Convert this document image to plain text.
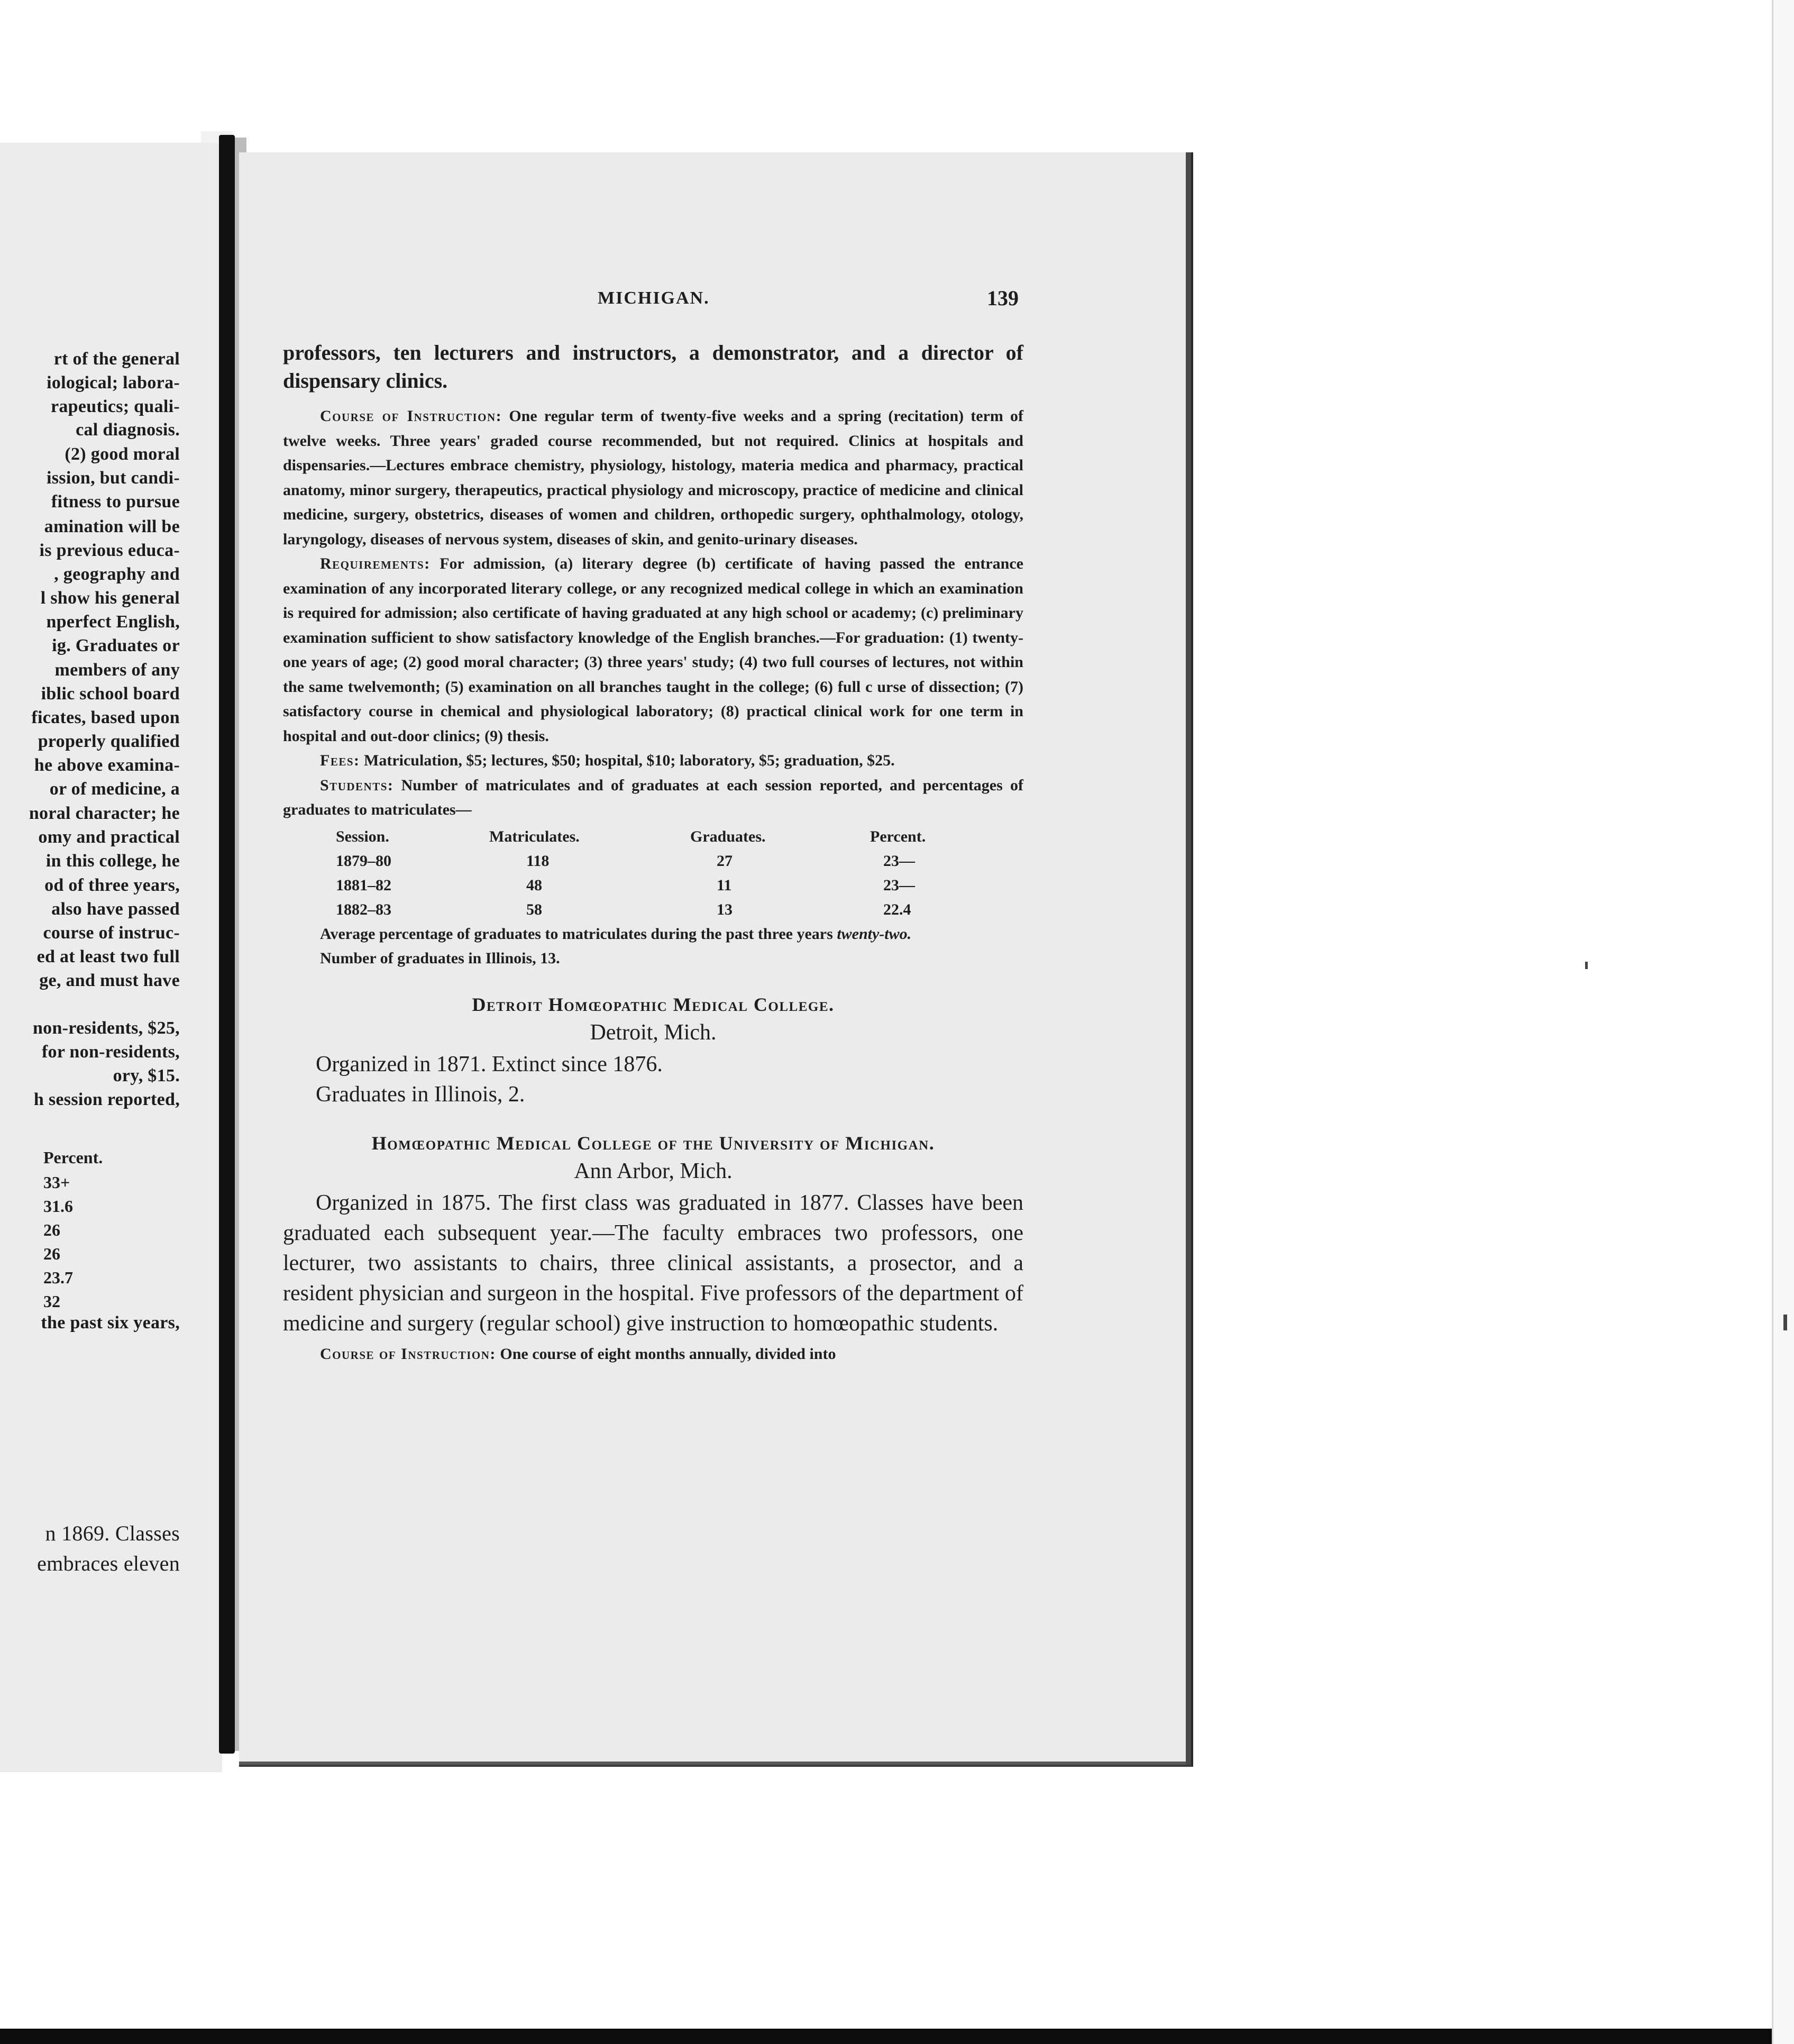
rt of the general
iological; labora-
rapeutics; quali-
cal diagnosis.
(2) good moral
ission, but candi-
fitness to pursue
amination will be
is previous educa-
, geography and
l show his general
nperfect English,
ig. Graduates or
members of any
iblic school board
ficates, based upon
properly qualified
he above examina-
or of medicine, a
noral character; he
omy and practical
in this college, he
od of three years,
also have passed
course of instruc-
ed at least two full
ge, and must have
non-residents, $25,
for non-residents,
ory, $15.
h session reported,
the past six years,
n 1869. Classes
embraces eleven
Percent.
33+
31.6
26
26
23.7
32
MICHIGAN.	139

professors, ten lecturers and instructors, a demonstrator, and a director of dispensary clinics.

Course of Instruction: One regular term of twenty-five weeks and a spring (recitation) term of twelve weeks. Three years' graded course recommended, but not required. Clinics at hospitals and dispensaries.—Lectures embrace chemistry, physiology, histology, materia medica and pharmacy, practical anatomy, minor surgery, therapeutics, practical physiology and microscopy, practice of medicine and clinical medicine, surgery, obstetrics, diseases of women and children, orthopedic surgery, ophthalmology, otology, laryngology, diseases of nervous system, diseases of skin, and genito-urinary diseases.

Requirements: For admission, (a) literary degree (b) certificate of having passed the entrance examination of any incorporated literary college, or any recognized medical college in which an examination is required for admission; also certificate of having graduated at any high school or academy; (c) preliminary examination sufficient to show satisfactory knowledge of the English branches.—For graduation: (1) twenty-one years of age; (2) good moral character; (3) three years' study; (4) two full courses of lectures, not within the same twelvemonth; (5) examination on all branches taught in the college; (6) full c urse of dissection; (7) satisfactory course in chemical and physiological laboratory; (8) practical clinical work for one term in hospital and out-door clinics; (9) thesis.

Fees: Matriculation, $5; lectures, $50; hospital, $10; laboratory, $5; graduation, $25.

Students: Number of matriculates and of graduates at each session reported, and percentages of graduates to matriculates—

Session.	Matriculates.	Graduates.	Percent.
1879–80	118	27	23—
1881–82	48	11	23—
1882–83	58	13	22.4

Average percentage of graduates to matriculates during the past three years twenty-two.

Number of graduates in Illinois, 13.

Detroit Homœopathic Medical College.
Detroit, Mich.

Organized in 1871. Extinct since 1876.

Graduates in Illinois, 2.

Homœopathic Medical College of the University of Michigan.
Ann Arbor, Mich.

Organized in 1875. The first class was graduated in 1877. Classes have been graduated each subsequent year.—The faculty embraces two professors, one lecturer, two assistants to chairs, three clinical assistants, a prosector, and a resident physician and surgeon in the hospital. Five professors of the department of medicine and surgery (regular school) give instruction to homœopathic students.

Course of Instruction: One course of eight months annually, divided into
